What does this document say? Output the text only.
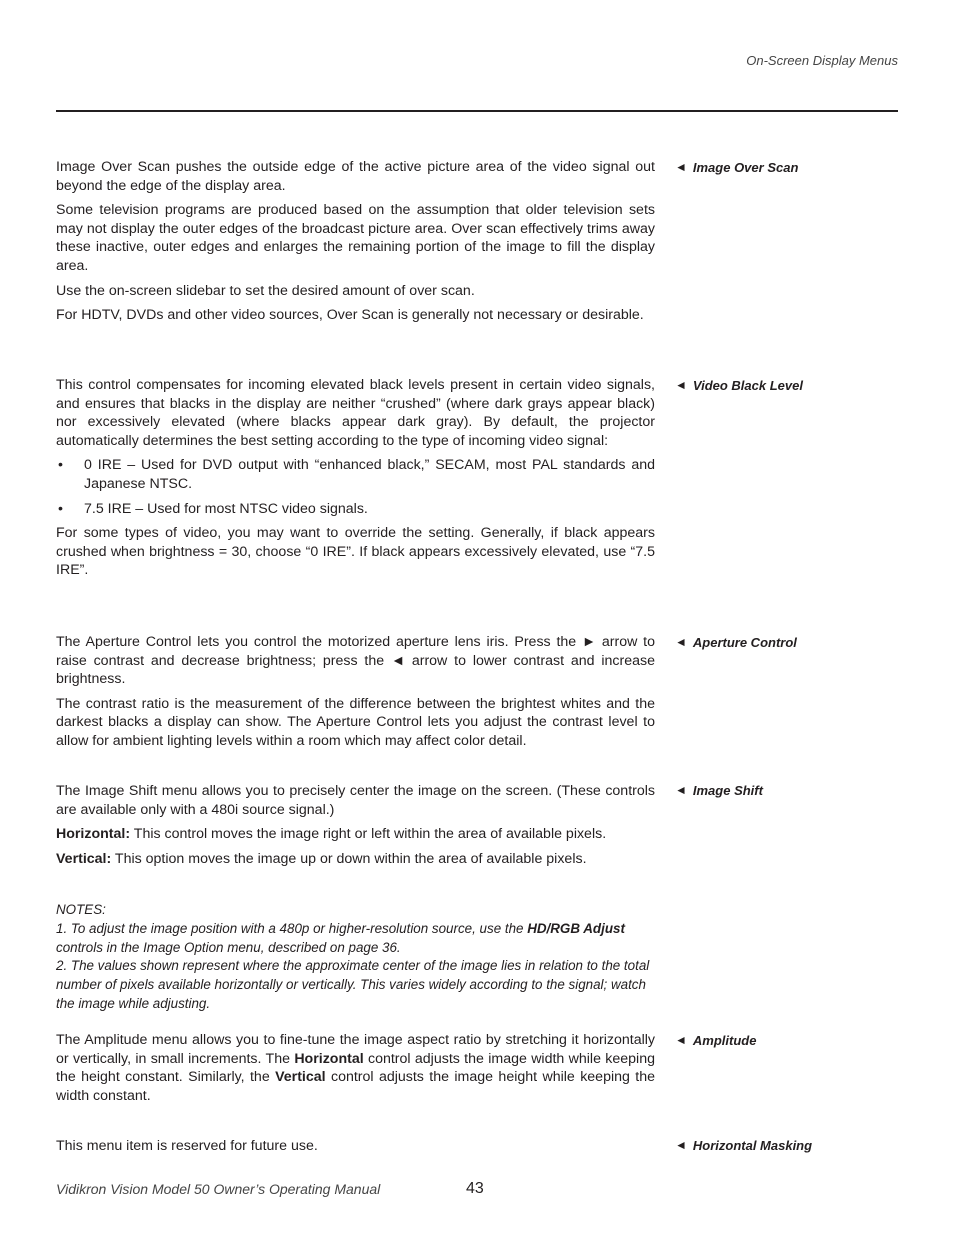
On-Screen Display Menus

Image Over Scan pushes the outside edge of the active picture area of the video signal out beyond the edge of the display area.

Some television programs are produced based on the assumption that older television sets may not display the outer edges of the broadcast picture area. Over scan effectively trims away these inactive, outer edges and enlarges the remaining portion of the image to fill the display area.

Use the on-screen slidebar to set the desired amount of over scan.

For HDTV, DVDs and other video sources, Over Scan is generally not necessary or desirable.

◄ Image Over Scan

This control compensates for incoming elevated black levels present in certain video signals, and ensures that blacks in the display are neither “crushed” (where dark grays appear black) nor excessively elevated (where blacks appear dark gray). By default, the projector automatically determines the best setting according to the type of incoming video signal:

• 0 IRE – Used for DVD output with “enhanced black,” SECAM, most PAL standards and Japanese NTSC.
• 7.5 IRE – Used for most NTSC video signals.

For some types of video, you may want to override the setting. Generally, if black appears crushed when brightness = 30, choose “0 IRE”. If black appears excessively elevated, use “7.5 IRE”.

◄ Video Black Level

The Aperture Control lets you control the motorized aperture lens iris. Press the ► arrow to raise contrast and decrease brightness; press the ◄ arrow to lower contrast and increase brightness.

The contrast ratio is the measurement of the difference between the brightest whites and the darkest blacks a display can show. The Aperture Control lets you adjust the contrast level to allow for ambient lighting levels within a room which may affect color detail.

◄ Aperture Control

The Image Shift menu allows you to precisely center the image on the screen. (These controls are available only with a 480i source signal.)

Horizontal: This control moves the image right or left within the area of available pixels.

Vertical: This option moves the image up or down within the area of available pixels.

◄ Image Shift
NOTES:
1. To adjust the image position with a 480p or higher-resolution source, use the HD/RGB Adjust controls in the Image Option menu, described on page 36.
2. The values shown represent where the approximate center of the image lies in relation to the total number of pixels available horizontally or vertically. This varies widely according to the signal; watch the image while adjusting.

The Amplitude menu allows you to fine-tune the image aspect ratio by stretching it horizontally or vertically, in small increments. The Horizontal control adjusts the image width while keeping the height constant. Similarly, the Vertical control adjusts the image height while keeping the width constant.

◄ Amplitude

This menu item is reserved for future use.	◄ Horizontal Masking
Vidikron Vision Model 50 Owner’s Operating Manual	43
